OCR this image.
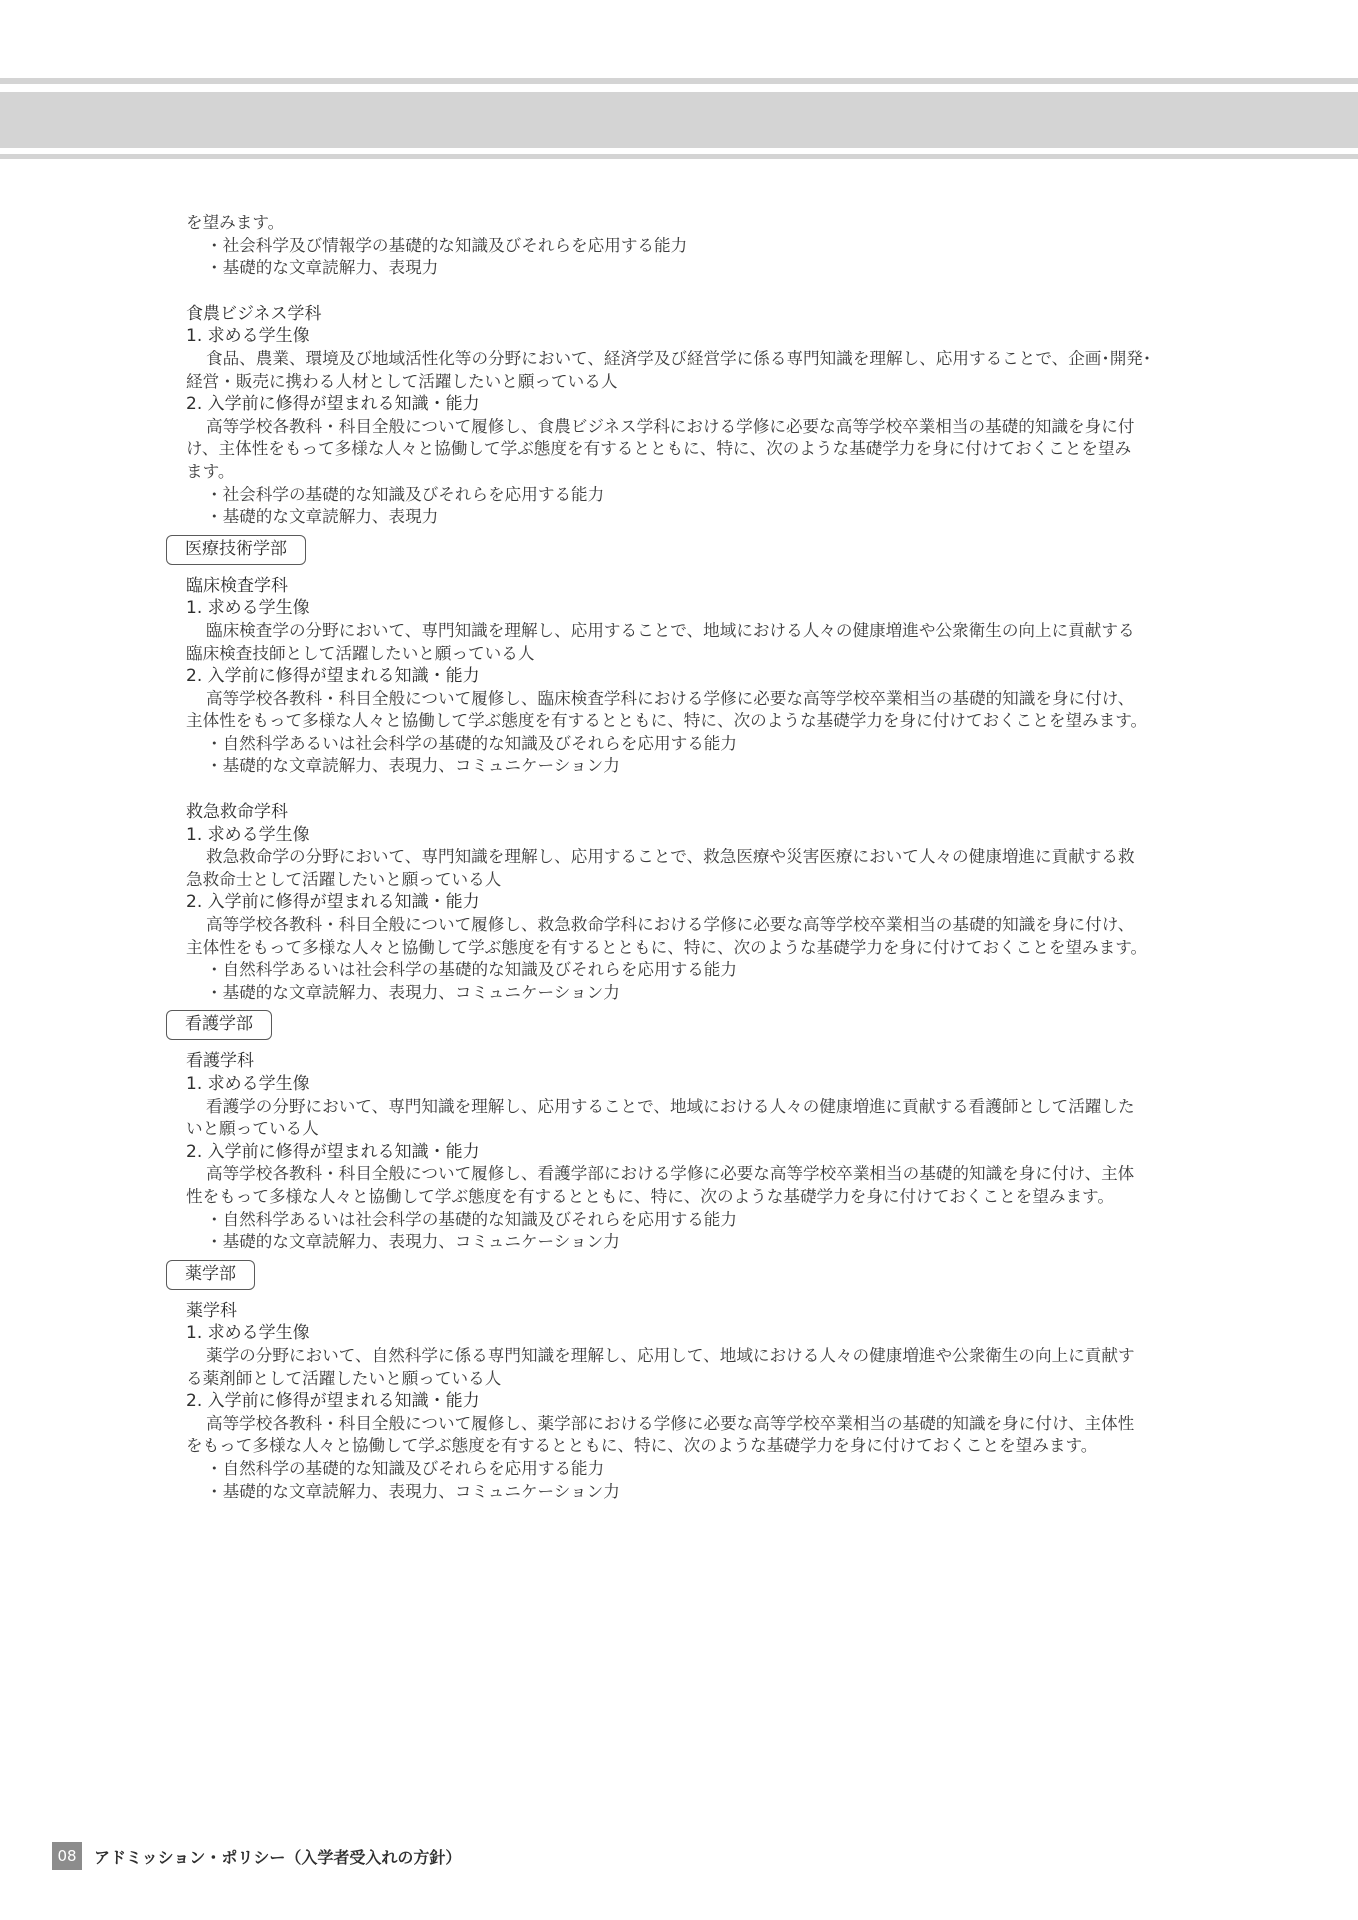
を望みます。

・社会科学及び情報学の基礎的な知識及びそれらを応用する能力

・基礎的な文章読解力、表現力

食農ビジネス学科

1. 求める学生像

食品、農業、環境及び地域活性化等の分野において、経済学及び経営学に係る専門知識を理解し、応用することで、企画･開発･

経営・販売に携わる人材として活躍したいと願っている人

2. 入学前に修得が望まれる知識・能力

高等学校各教科・科目全般について履修し、食農ビジネス学科における学修に必要な高等学校卒業相当の基礎的知識を身に付

け、主体性をもって多様な人々と協働して学ぶ態度を有するとともに、特に、次のような基礎学力を身に付けておくことを望み

ます。

・社会科学の基礎的な知識及びそれらを応用する能力

・基礎的な文章読解力、表現力

医療技術学部

臨床検査学科

1. 求める学生像

臨床検査学の分野において、専門知識を理解し、応用することで、地域における人々の健康増進や公衆衛生の向上に貢献する

臨床検査技師として活躍したいと願っている人

2. 入学前に修得が望まれる知識・能力

高等学校各教科・科目全般について履修し、臨床検査学科における学修に必要な高等学校卒業相当の基礎的知識を身に付け、

主体性をもって多様な人々と協働して学ぶ態度を有するとともに、特に、次のような基礎学力を身に付けておくことを望みます。

・自然科学あるいは社会科学の基礎的な知識及びそれらを応用する能力

・基礎的な文章読解力、表現力、コミュニケーション力

救急救命学科

1. 求める学生像

救急救命学の分野において、専門知識を理解し、応用することで、救急医療や災害医療において人々の健康増進に貢献する救

急救命士として活躍したいと願っている人

2. 入学前に修得が望まれる知識・能力

高等学校各教科・科目全般について履修し、救急救命学科における学修に必要な高等学校卒業相当の基礎的知識を身に付け、

主体性をもって多様な人々と協働して学ぶ態度を有するとともに、特に、次のような基礎学力を身に付けておくことを望みます。

・自然科学あるいは社会科学の基礎的な知識及びそれらを応用する能力

・基礎的な文章読解力、表現力、コミュニケーション力

看護学部

看護学科

1. 求める学生像

看護学の分野において、専門知識を理解し、応用することで、地域における人々の健康増進に貢献する看護師として活躍した

いと願っている人

2. 入学前に修得が望まれる知識・能力

高等学校各教科・科目全般について履修し、看護学部における学修に必要な高等学校卒業相当の基礎的知識を身に付け、主体

性をもって多様な人々と協働して学ぶ態度を有するとともに、特に、次のような基礎学力を身に付けておくことを望みます。

・自然科学あるいは社会科学の基礎的な知識及びそれらを応用する能力

・基礎的な文章読解力、表現力、コミュニケーション力

薬学部

薬学科

1. 求める学生像

薬学の分野において、自然科学に係る専門知識を理解し、応用して、地域における人々の健康増進や公衆衛生の向上に貢献す

る薬剤師として活躍したいと願っている人

2. 入学前に修得が望まれる知識・能力

高等学校各教科・科目全般について履修し、薬学部における学修に必要な高等学校卒業相当の基礎的知識を身に付け、主体性

をもって多様な人々と協働して学ぶ態度を有するとともに、特に、次のような基礎学力を身に付けておくことを望みます。

・自然科学の基礎的な知識及びそれらを応用する能力

・基礎的な文章読解力、表現力、コミュニケーション力

08	アドミッション・ポリシー（入学者受入れの方針）
